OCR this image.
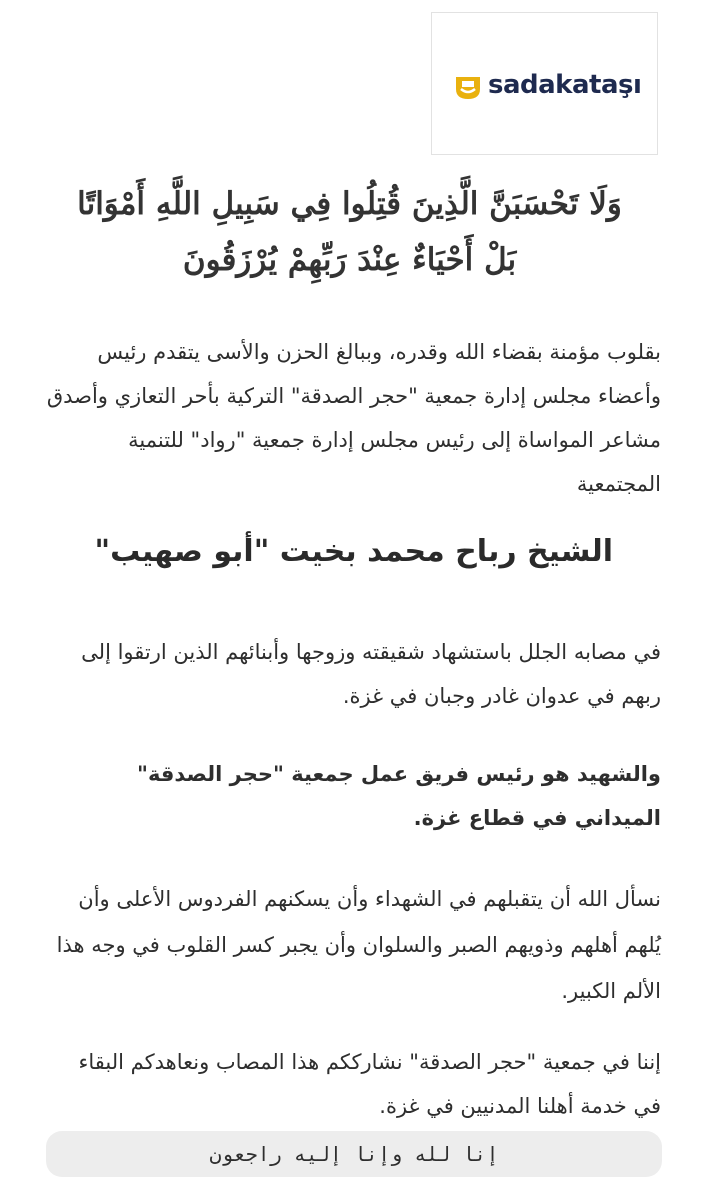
sadakataşı
وَلَا تَحْسَبَنَّ الَّذِينَ قُتِلُوا فِي سَبِيلِ اللَّهِ أَمْوَاتًا
بَلْ أَحْيَاءٌ عِنْدَ رَبِّهِمْ يُرْزَقُونَ
بقلوب مؤمنة بقضاء الله وقدره، وببالغ الحزن والأسى يتقدم رئيس وأعضاء مجلس إدارة جمعية "حجر الصدقة" التركية بأحر التعازي وأصدق مشاعر المواساة إلى رئيس مجلس إدارة جمعية "رواد" للتنمية المجتمعية
الشيخ رباح محمد بخيت "أبو صهيب"
في مصابه الجلل باستشهاد شقيقته وزوجها وأبنائهم الذين ارتقوا إلى ربهم في عدوان غادر وجبان في غزة.
والشهيد هو رئيس فريق عمل جمعية "حجر الصدقة" الميداني في قطاع غزة.
نسأل الله أن يتقبلهم في الشهداء وأن يسكنهم الفردوس الأعلى وأن يُلهم أهلهم وذويهم الصبر والسلوان وأن يجبر كسر القلوب في وجه هذا الألم الكبير.
إننا في جمعية "حجر الصدقة" نشارككم هذا المصاب ونعاهدكم البقاء في خدمة أهلنا المدنيين في غزة.
إنا لله وإنا إليه راجعون
